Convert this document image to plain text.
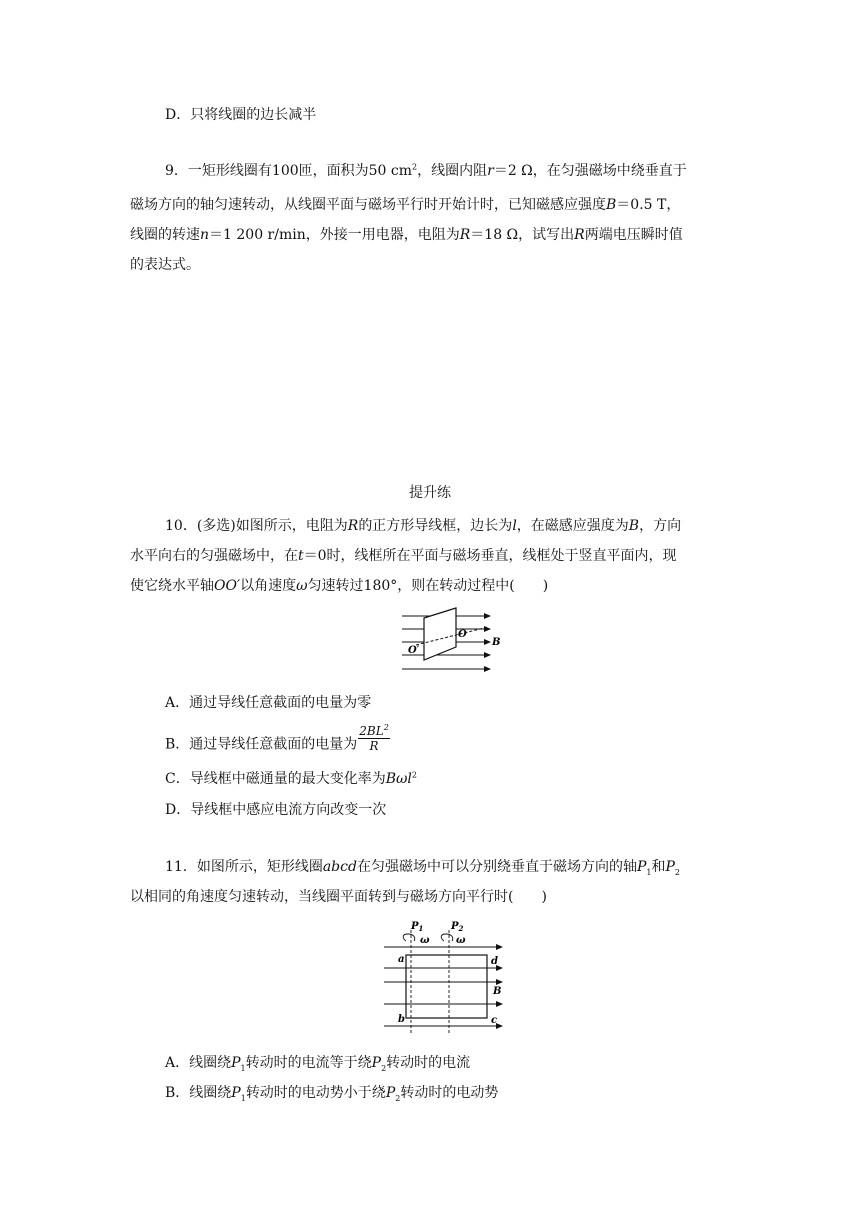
D．只将线圈的边长减半
9．一矩形线圈有100匝，面积为50 $cm^2$，线圈内阻r＝2 Ω，在匀强磁场中绕垂直于
磁场方向的轴匀速转动，从线圈平面与磁场平行时开始计时，已知磁感应强度B＝0.5 T，
线圈的转速n＝1 200 r/min，外接一用电器，电阻为R＝18 Ω，试写出R两端电压瞬时值
的表达式。
提升练
10．(多选)如图所示，电阻为R的正方形导线框，边长为l，在磁感应强度为B，方向
水平向右的匀强磁场中，在t＝0时，线框所在平面与磁场垂直，线框处于竖直平面内，现
使它绕水平轴OO′以角速度ω匀速转过180°，则在转动过程中(　　)
O
O′
B
A．通过导线任意截面的电量为零
B．通过导线任意截面的电量为 $\frac{2BL^2}{R}$
C．导线框中磁通量的最大变化率为Bωl$^2$
D．导线框中感应电流方向改变一次
11．如图所示，矩形线圈abcd在匀强磁场中可以分别绕垂直于磁场方向的轴$P_1$和$P_2$
以相同的角速度匀速转动，当线圈平面转到与磁场方向平行时(　　)
$P_1$	$P_2$
ω	ω
a	d
b	c
B
A．线圈绕$P_1$转动时的电流等于绕$P_2$转动时的电流
B．线圈绕$P_1$转动时的电动势小于绕$P_2$转动时的电动势
